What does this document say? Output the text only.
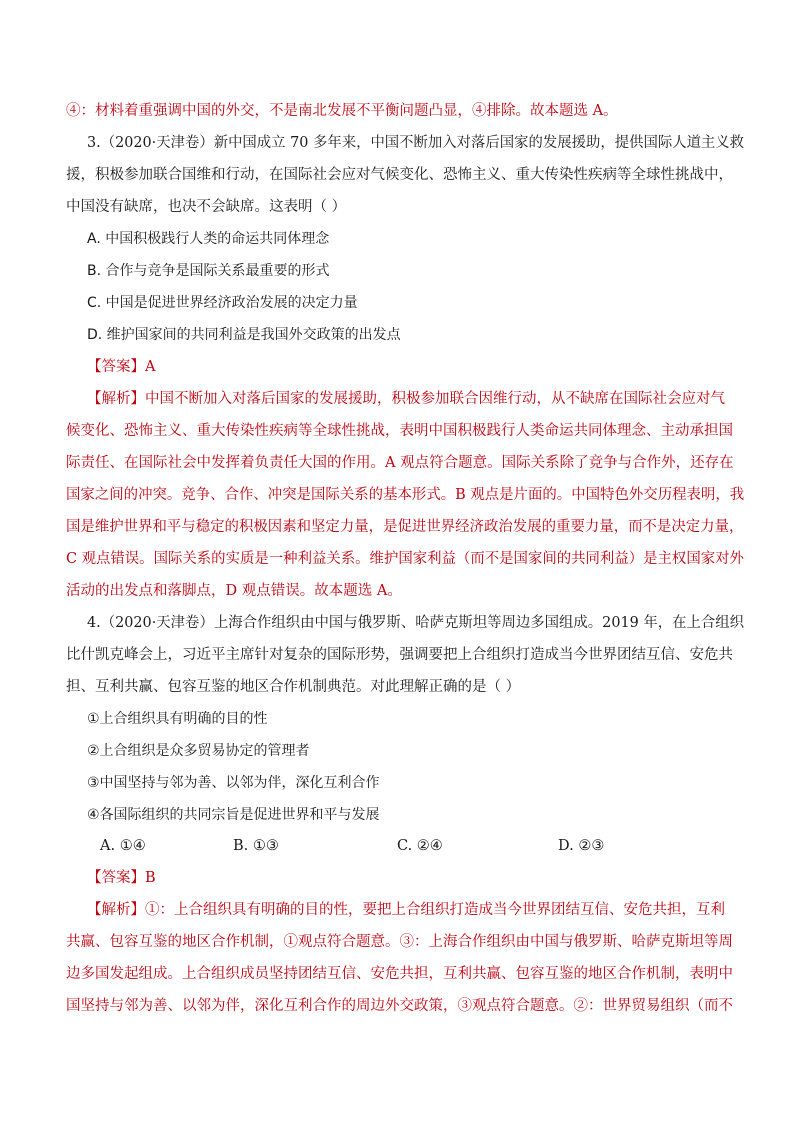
④：材料着重强调中国的外交，不是南北发展不平衡问题凸显，④排除。故本题选 A。
3.（2020·天津卷）新中国成立 70 多年来，中国不断加入对落后国家的发展援助，提供国际人道主义救
援，积极参加联合国维和行动，在国际社会应对气候变化、恐怖主义、重大传染性疾病等全球性挑战中，
中国没有缺席，也决不会缺席。这表明（ ）
A. 中国积极践行人类的命运共同体理念
B. 合作与竞争是国际关系最重要的形式
C. 中国是促进世界经济政治发展的决定力量
D. 维护国家间的共同利益是我国外交政策的出发点
【答案】A
【解析】中国不断加入对落后国家的发展援助，积极参加联合因维行动，从不缺席在国际社会应对气
候变化、恐怖主义、重大传染性疾病等全球性挑战，表明中国积极践行人类命运共同体理念、主动承担国
际责任、在国际社会中发挥着负责任大国的作用。A 观点符合题意。国际关系除了竞争与合作外，还存在
国家之间的冲突。竞争、合作、冲突是国际关系的基本形式。B 观点是片面的。中国特色外交历程表明，我
国是维护世界和平与稳定的积极因素和坚定力量，是促进世界经济政治发展的重要力量，而不是决定力量，
C 观点错误。国际关系的实质是一种利益关系。维护国家利益（而不是国家间的共同利益）是主权国家对外
活动的出发点和落脚点，D 观点错误。故本题选 A。
4.（2020·天津卷）上海合作组织由中国与俄罗斯、哈萨克斯坦等周边多国组成。2019 年，在上合组织
比什凯克峰会上，习近平主席针对复杂的国际形势，强调要把上合组织打造成当今世界团结互信、安危共
担、互利共赢、包容互鉴的地区合作机制典范。对此理解正确的是（ ）
①上合组织具有明确的目的性
②上合组织是众多贸易协定的管理者
③中国坚持与邻为善、以邻为伴，深化互利合作
④各国际组织的共同宗旨是促进世界和平与发展
A. ①④	B. ①③	C. ②④	D. ②③
【答案】B
【解析】①：上合组织具有明确的目的性，要把上合组织打造成当今世界团结互信、安危共担，互利
共赢、包容互鉴的地区合作机制，①观点符合题意。③：上海合作组织由中国与俄罗斯、哈萨克斯坦等周
边多国发起组成。上合组织成员坚持团结互信、安危共担，互利共赢、包容互鉴的地区合作机制，表明中
国坚持与邻为善、以邻为伴，深化互利合作的周边外交政策，③观点符合题意。②：世界贸易组织（而不
